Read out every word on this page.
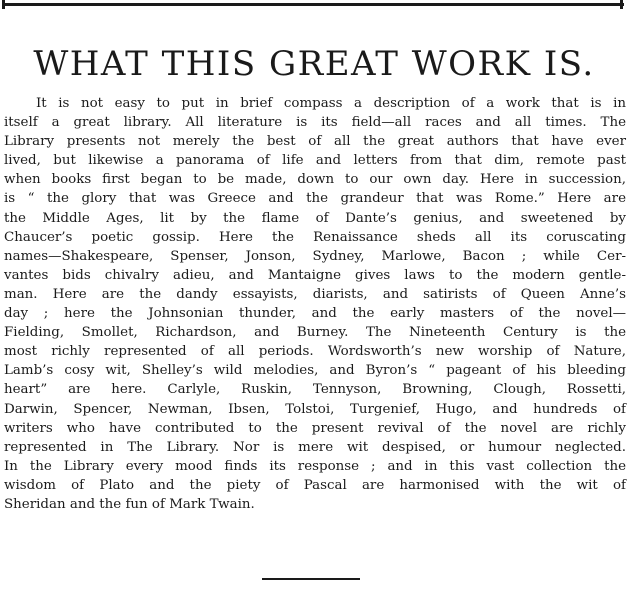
WHAT THIS GREAT WORK IS.
It is not easy to put in brief compass a description of a work that is in
itself a great library. All literature is its field—all races and all times. The
Library presents not merely the best of all the great authors that have ever
lived, but likewise a panorama of life and letters from that dim, remote past
when books first began to be made, down to our own day. Here in succession,
is “ the glory that was Greece and the grandeur that was Rome.” Here are
the Middle Ages, lit by the flame of Dante’s genius, and sweetened by
Chaucer’s poetic gossip. Here the Renaissance sheds all its coruscating
names—Shakespeare, Spenser, Jonson, Sydney, Marlowe, Bacon ; while Cer-
vantes bids chivalry adieu, and Mantaigne gives laws to the modern gentle-
man. Here are the dandy essayists, diarists, and satirists of Queen Anne’s
day ; here the Johnsonian thunder, and the early masters of the novel—
Fielding, Smollet, Richardson, and Burney. The Nineteenth Century is the
most richly represented of all periods. Wordsworth’s new worship of Nature,
Lamb’s cosy wit, Shelley’s wild melodies, and Byron’s “ pageant of his bleeding
heart” are here. Carlyle, Ruskin, Tennyson, Browning, Clough, Rossetti,
Darwin, Spencer, Newman, Ibsen, Tolstoi, Turgenief, Hugo, and hundreds of
writers who have contributed to the present revival of the novel are richly
represented in The Library. Nor is mere wit despised, or humour neglected.
In the Library every mood finds its response ; and in this vast collection the
wisdom of Plato and the piety of Pascal are harmonised with the wit of
Sheridan and the fun of Mark Twain.
